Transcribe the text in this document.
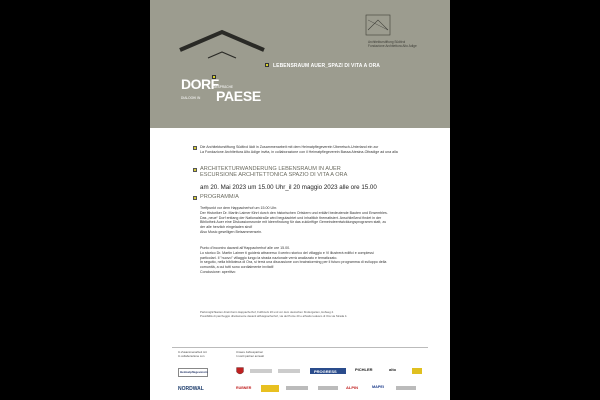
Architekturstiftung Südtirol
Fondazione Architettura Alto Adige
LEBENSRAUM AUER_SPAZI DI VITA A ORA
DORF
GESPRÄCHE
DIALOGHI IN PAESE
Die Architekturstiftung Südtirol lädt in Zusammenarbeit mit dem Heimatpflegeverein Überetsch-Unterland ein zur
La Fondazione Architettura Alto Adige invita, in collaborazione con il Heimatpflegeverein Bassa Atesina-Oltradige ad una alla
ARCHITEKTURWANDERUNG LEBENSRAUM IN AUER
ESCURSIONE ARCHITETTONICA SPAZIO DI VITA A ORA
am 20. Mai 2023 um 15.00 Uhr_il 20 maggio 2023 alle ore 15.00
PROGRAMM/A
Treffpunkt vor dem Happacherhof um 15.00 Uhr.
Der Historiker Dr. Martin Laimer führt durch den historischen Ortskern und erklärt bedeutende Bauten und Ensembles.
Das „neue“ Dorf entlang der Nationalstraße wird begutachtet und inhaltlich thematisiert. Anschließend findet in der
Bibliothek Auer eine Diskussionsrunde mit Ideenfindung für das zukünftige Gemeindeentwicklungsprogramm statt, zu
der alle herzlich eingeladen sind!
Also Music geselligen Beisammensein.
Punto d'incontro davanti all'Happacherhof alle ore 15.00.
Lo storico Dr. Martin Laimer ti guiderà attraverso il centro storico del villaggio e Vi illustrerà edifici e complessi
particolari. Il "nuovo" villaggio lungo la strada nazionale verrà analizzato e tematizzato.
In seguito, nella biblioteca di Ora, si terrà una discussione con brainstorming per il futuro programma di sviluppo della
comunità, a cui tutti sono cordialmente invitati!
Conclusione: aperitivo
Parkmöglichkeiten direkt beim Happacherhof, Fußbruck 20 und vor dem deutschen Kindergarten, Hofweg 4.
Possibilità di parcheggio direttamente davanti all'Happacherhof, via del Ponte 20 e all'asilo tedesco di Ora via Strada 4.
In Zusammenarbeit mit
In collaborazione con
Unsere Jahrespartner
I nostri partner annuali
Heimatpflegeverein	PROGRESS	PICHLER	alto
NORDWAL	RUBNER	ALPIN	MAPEI
